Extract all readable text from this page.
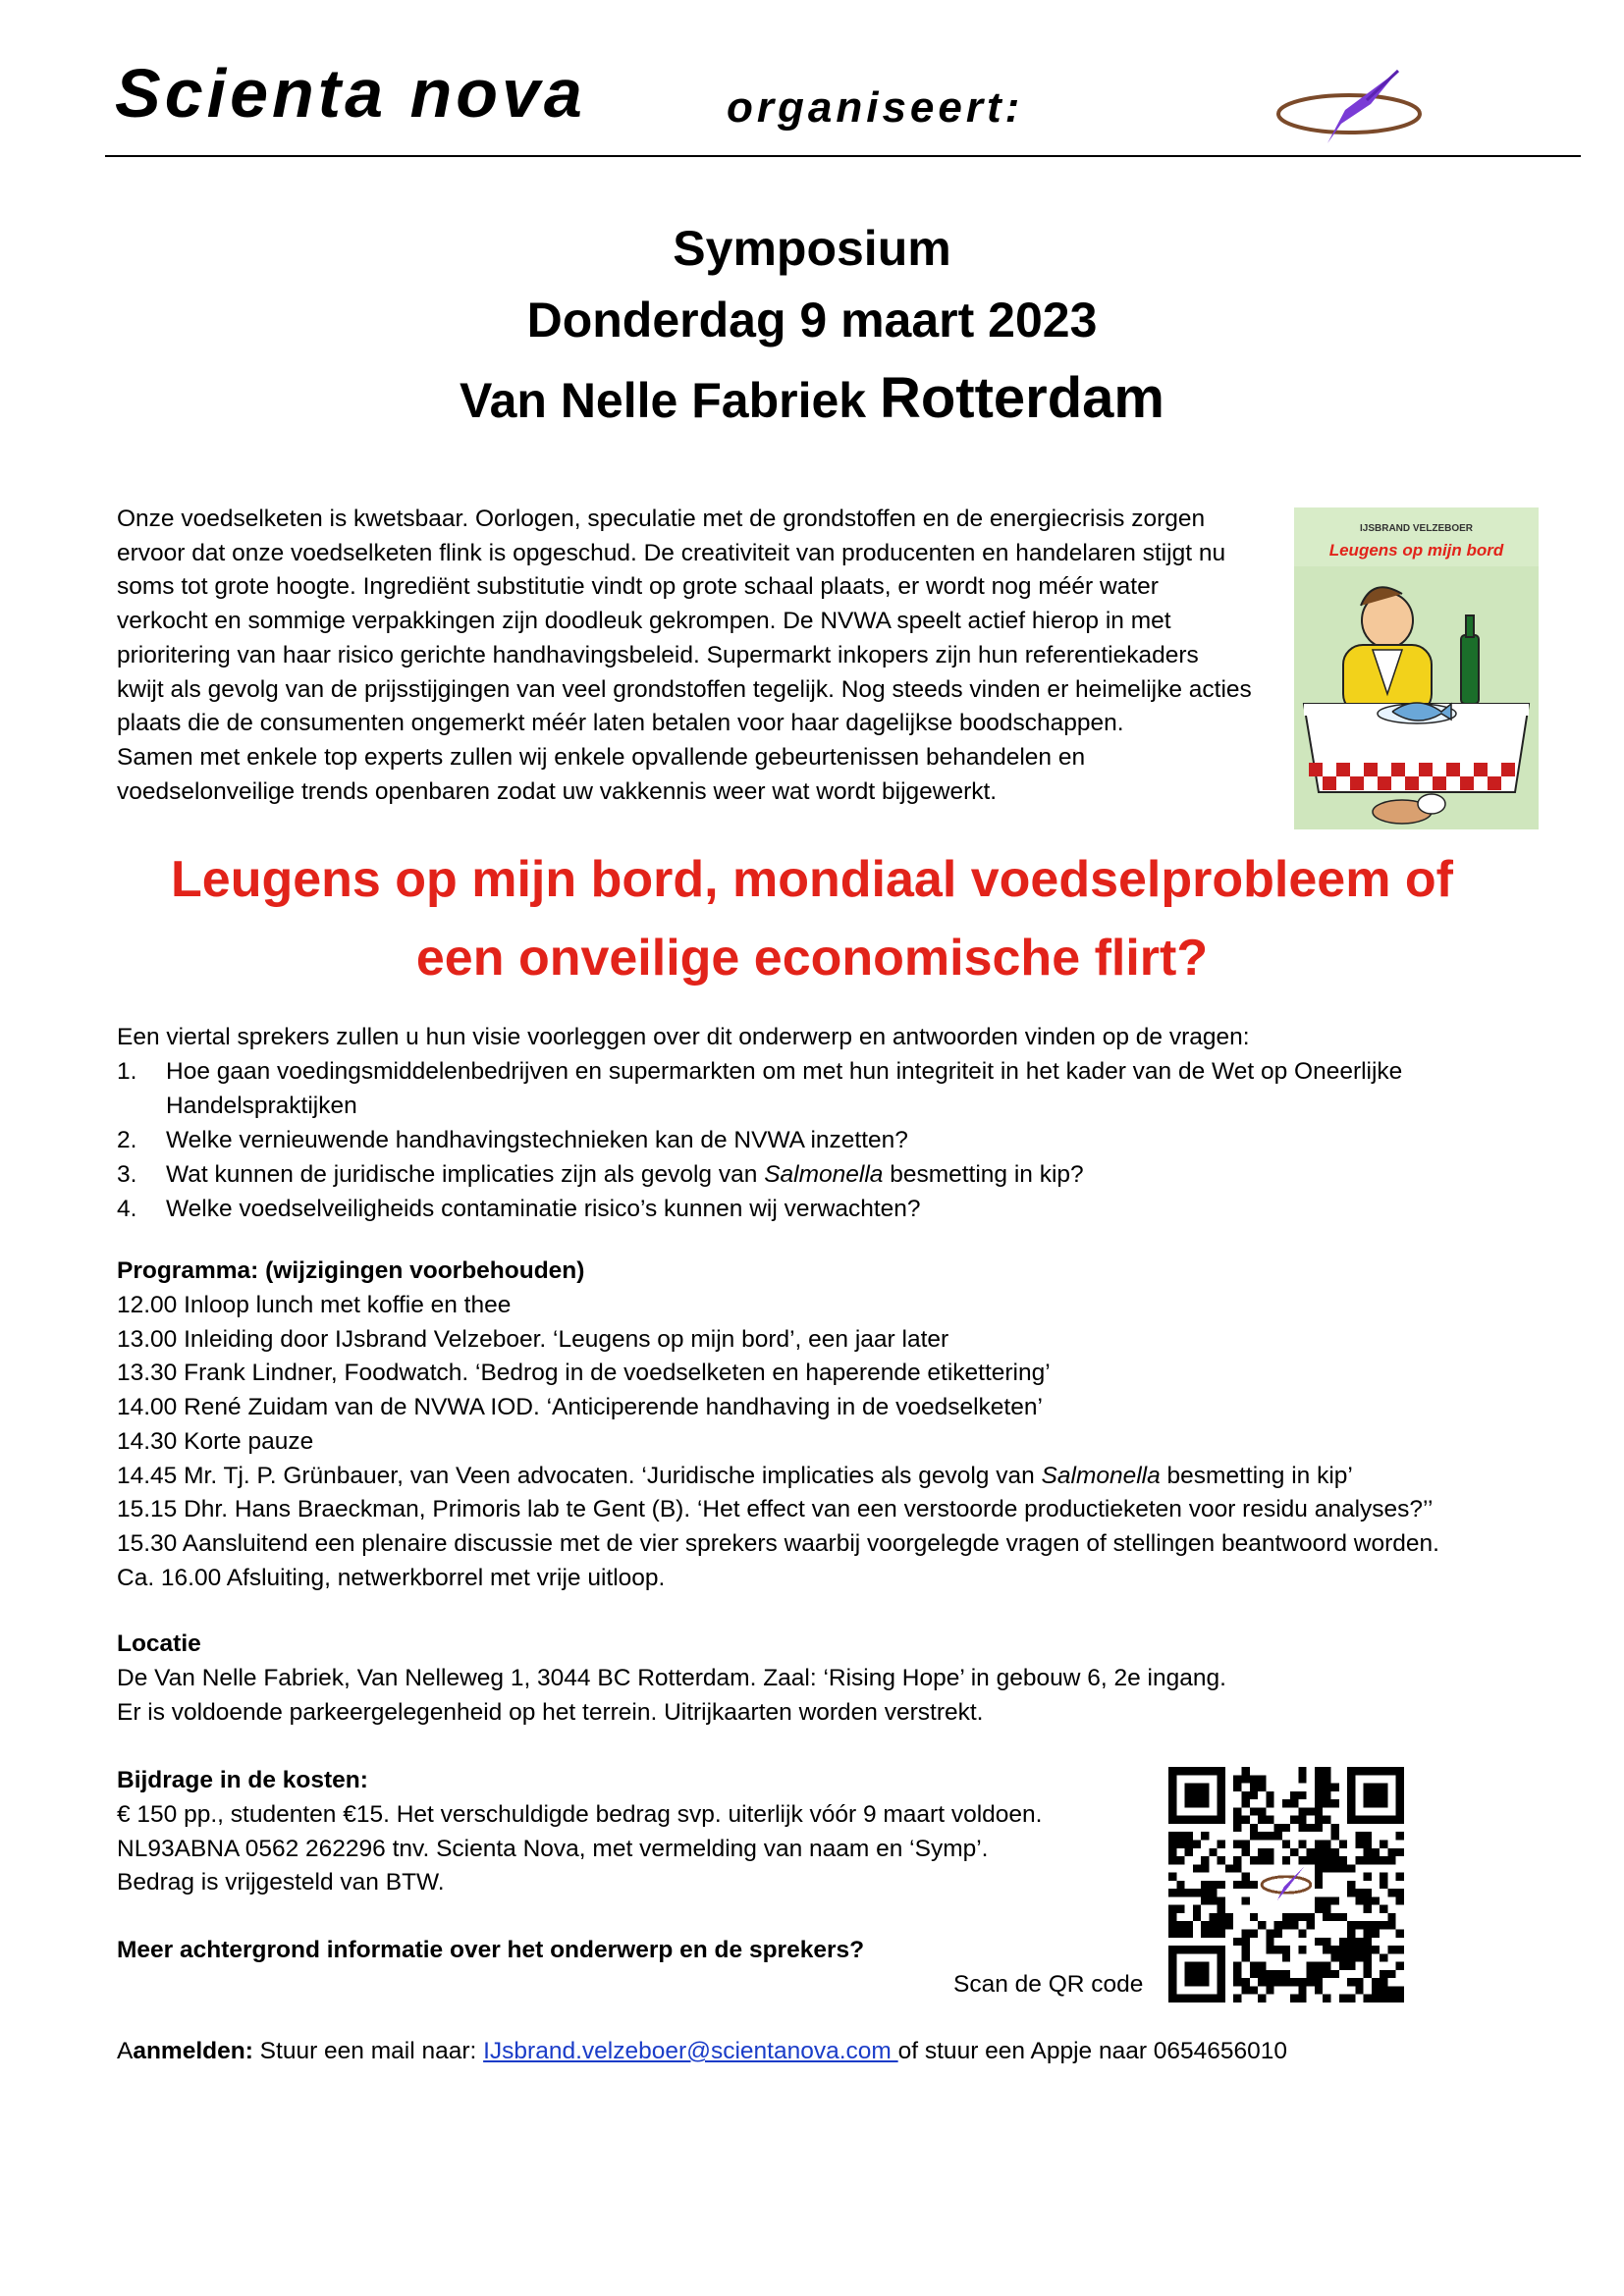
Scienta nova	organiseert:
Symposium
Donderdag 9 maart 2023
Van Nelle Fabriek Rotterdam
Onze voedselketen is kwetsbaar. Oorlogen, speculatie met de grondstoffen en de energiecrisis zorgen
ervoor dat onze voedselketen flink is opgeschud. De creativiteit van producenten en handelaren stijgt nu
soms tot grote hoogte. Ingrediënt substitutie vindt op grote schaal plaats, er wordt nog méér water
verkocht en sommige verpakkingen zijn doodleuk gekrompen. De NVWA speelt actief hierop in met
prioritering van haar risico gerichte handhavingsbeleid. Supermarkt inkopers zijn hun referentiekaders
kwijt als gevolg van de prijsstijgingen van veel grondstoffen tegelijk. Nog steeds vinden er heimelijke acties
plaats die de consumenten ongemerkt méér laten betalen voor haar dagelijkse boodschappen.
Samen met enkele top experts zullen wij enkele opvallende gebeurtenissen behandelen en
voedselonveilige trends openbaren zodat uw vakkennis weer wat wordt bijgewerkt.
IJSBRAND VELZEBOER
Leugens op mijn bord
Leugens op mijn bord, mondiaal voedselprobleem of
een onveilige economische flirt?
Een viertal sprekers zullen u hun visie voorleggen over dit onderwerp en antwoorden vinden op de vragen:
1. Hoe gaan voedingsmiddelenbedrijven en supermarkten om met hun integriteit in het kader van de Wet op Oneerlijke
Handelspraktijken
2. Welke vernieuwende handhavingstechnieken kan de NVWA inzetten?
3. Wat kunnen de juridische implicaties zijn als gevolg van Salmonella besmetting in kip?
4. Welke voedselveiligheids contaminatie risico’s kunnen wij verwachten?
Programma: (wijzigingen voorbehouden)
12.00 Inloop lunch met koffie en thee
13.00 Inleiding door IJsbrand Velzeboer. ‘Leugens op mijn bord’, een jaar later
13.30 Frank Lindner, Foodwatch. ‘Bedrog in de voedselketen en haperende etikettering’
14.00 René Zuidam van de NVWA IOD. ‘Anticiperende handhaving in de voedselketen’
14.30 Korte pauze
14.45 Mr. Tj. P. Grünbauer, van Veen advocaten. ‘Juridische implicaties als gevolg van Salmonella besmetting in kip’
15.15 Dhr. Hans Braeckman, Primoris lab te Gent (B). ‘Het effect van een verstoorde productieketen voor residu analyses?’’
15.30 Aansluitend een plenaire discussie met de vier sprekers waarbij voorgelegde vragen of stellingen beantwoord worden.
Ca. 16.00 Afsluiting, netwerkborrel met vrije uitloop.
Locatie
De Van Nelle Fabriek, Van Nelleweg 1, 3044 BC Rotterdam. Zaal: ‘Rising Hope’ in gebouw 6, 2e ingang.
Er is voldoende parkeergelegenheid op het terrein. Uitrijkaarten worden verstrekt.
Bijdrage in de kosten:
€ 150 pp., studenten €15. Het verschuldigde bedrag svp. uiterlijk vóór 9 maart voldoen.
NL93ABNA 0562 262296 tnv. Scienta Nova, met vermelding van naam en ‘Symp’.
Bedrag is vrijgesteld van BTW.
Meer achtergrond informatie over het onderwerp en de sprekers?
Scan de QR code
Aanmelden: Stuur een mail naar: IJsbrand.velzeboer@scientanova.com of stuur een Appje naar 0654656010
